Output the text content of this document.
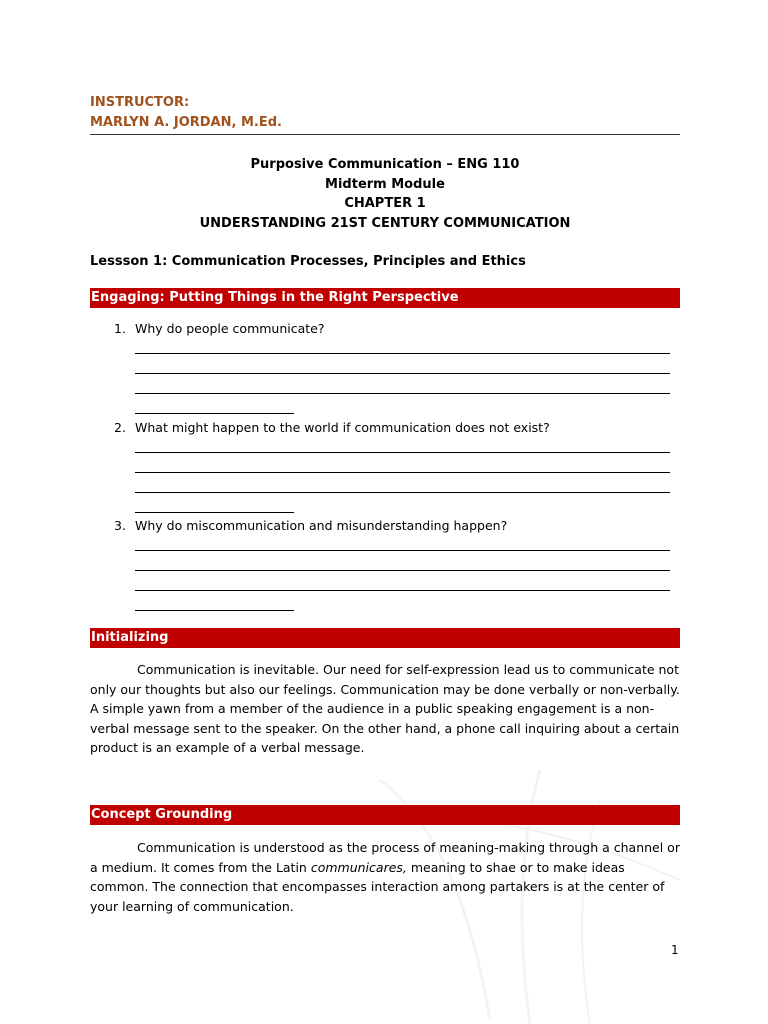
INSTRUCTOR:
MARLYN A. JORDAN, M.Ed.
Purposive Communication – ENG 110
Midterm Module
CHAPTER 1
UNDERSTANDING 21ST CENTURY COMMUNICATION
Lessson 1: Communication Processes, Principles and Ethics
Engaging: Putting Things in the Right Perspective
1. Why do people communicate?
2. What might happen to the world if communication does not exist?
3. Why do miscommunication and misunderstanding happen?
Initializing

Communication is inevitable. Our need for self-expression lead us to communicate not only our thoughts but also our feelings. Communication may be done verbally or non-verbally. A simple yawn from a member of the audience in a public speaking engagement is a non-verbal message sent to the speaker. On the other hand, a phone call inquiring about a certain product is an example of a verbal message.

Concept Grounding

Communication is understood as the process of meaning-making through a channel or a medium. It comes from the Latin communicares, meaning to shae or to make ideas common. The connection that encompasses interaction among partakers is at the center of your learning of communication.

1
